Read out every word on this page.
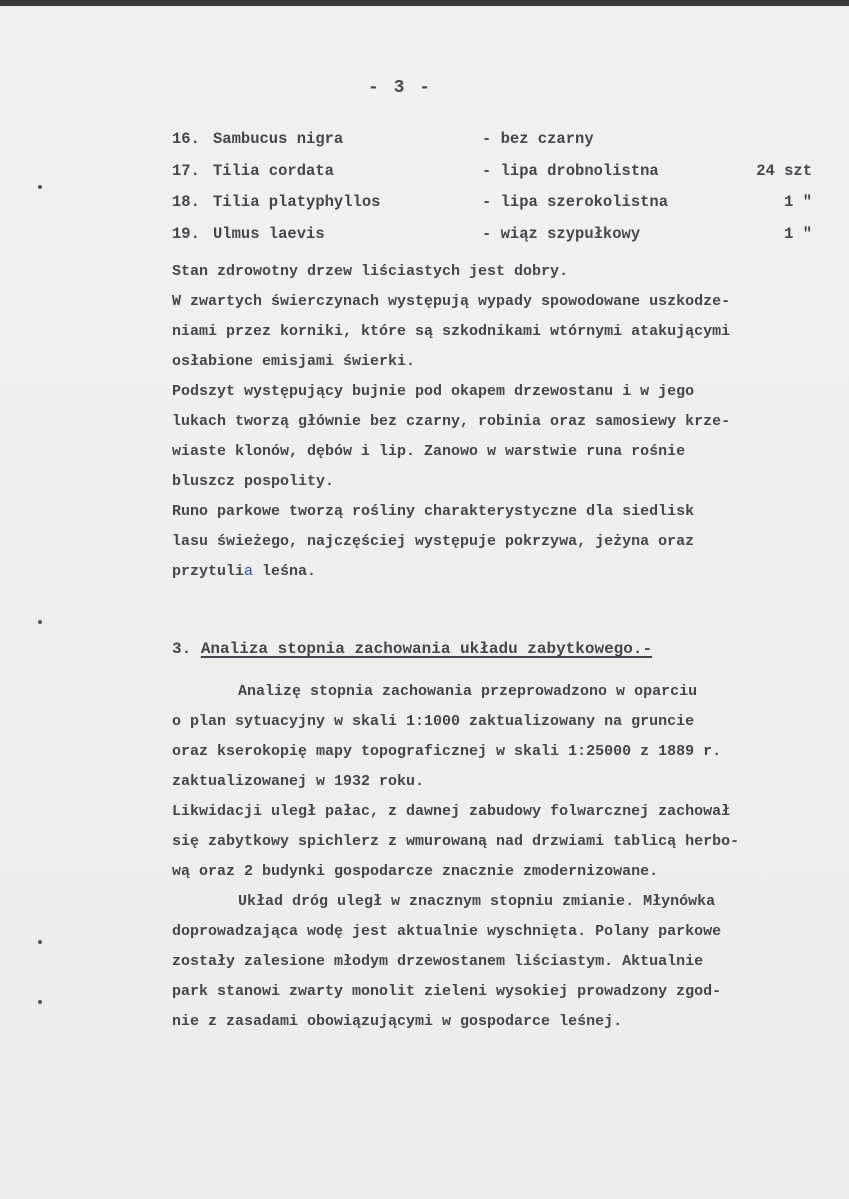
- 3 -
16. Sambucus nigra	- bez czarny
17. Tilia cordata	- lipa drobnolistna	24 szt
18. Tilia platyphyllos	- lipa szerokolistna	1 "
19. Ulmus laevis	- wiąz szypułkowy	1 "
Stan zdrowotny drzew liściastych jest dobry.
W zwartych świerczynach występują wypady spowodowane uszkodze-
niami przez korniki, które są szkodnikami wtórnymi atakującymi
osłabione emisjami świerki.
Podszyt występujący bujnie pod okapem drzewostanu i w jego
lukach tworzą głównie bez czarny, robinia oraz samosiewy krze-
wiaste klonów, dębów i lip. Zanowo w warstwie runa rośnie
bluszcz pospolity.
Runo parkowe tworzą rośliny charakterystyczne dla siedlisk
lasu świeżego, najczęściej występuje pokrzywa, jeżyna oraz
przytulia leśna.
3. Analiza stopnia zachowania układu zabytkowego.-
Analizę stopnia zachowania przeprowadzono w oparciu
o plan sytuacyjny w skali 1:1000 zaktualizowany na gruncie
oraz kserokopię mapy topograficznej w skali 1:25000 z 1889 r.
zaktualizowanej w 1932 roku.
Likwidacji uległ pałac, z dawnej zabudowy folwarcznej zachował
się zabytkowy spichlerz z wmurowaną nad drzwiami tablicą herbo-
wą oraz 2 budynki gospodarcze znacznie zmodernizowane.
Układ dróg uległ w znacznym stopniu zmianie. Młynówka
doprowadzająca wodę jest aktualnie wyschnięta. Polany parkowe
zostały zalesione młodym drzewostanem liściastym. Aktualnie
park stanowi zwarty monolit zieleni wysokiej prowadzony zgod-
nie z zasadami obowiązującymi w gospodarce leśnej.
